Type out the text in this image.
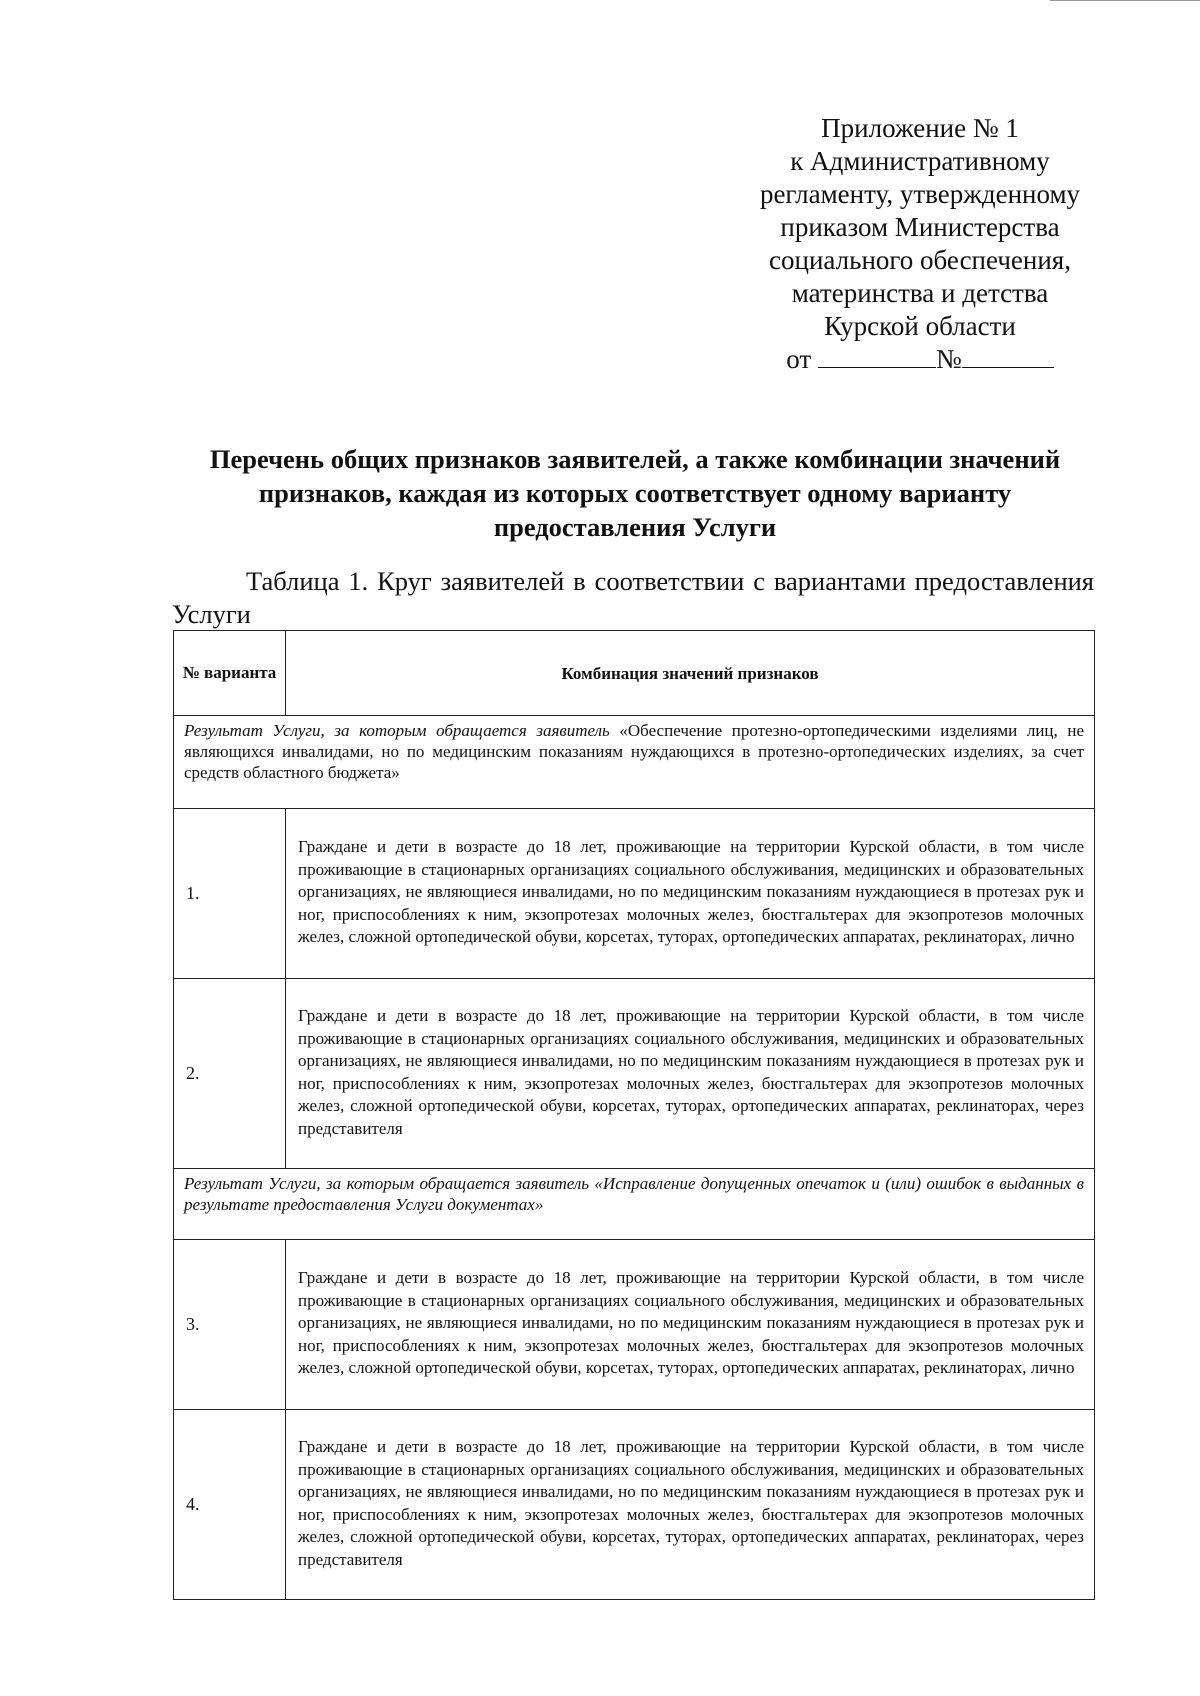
Приложение № 1
к Административному
регламенту, утвержденному
приказом Министерства
социального обеспечения,
материнства и детства
Курской области
от	№
Перечень общих признаков заявителей, а также комбинации значений признаков, каждая из которых соответствует одному варианту предоставления Услуги
Таблица 1. Круг заявителей в соответствии с вариантами предоставления Услуги
№ варианта	Комбинация значений признаков
Результат Услуги, за которым обращается заявитель «Обеспечение протезно-ортопедическими изделиями лиц, не являющихся инвалидами, но по медицинским показаниям нуждающихся в протезно-ортопедических изделиях, за счет средств областного бюджета»	
1.	Граждане и дети в возрасте до 18 лет, проживающие на территории Курской области, в том числе проживающие в стационарных организациях социального обслуживания, медицинских и образовательных организациях, не являющиеся инвалидами, но по медицинским показаниям нуждающиеся в протезах рук и ног, приспособлениях к ним, экзопротезах молочных желез, бюстгальтерах для экзопротезов молочных желез, сложной ортопедической обуви, корсетах, туторах, ортопедических аппаратах, реклинаторах, лично
2.	Граждане и дети в возрасте до 18 лет, проживающие на территории Курской области, в том числе проживающие в стационарных организациях социального обслуживания, медицинских и образовательных организациях, не являющиеся инвалидами, но по медицинским показаниям нуждающиеся в протезах рук и ног, приспособлениях к ним, экзопротезах молочных желез, бюстгальтерах для экзопротезов молочных желез, сложной ортопедической обуви, корсетах, туторах, ортопедических аппаратах, реклинаторах, через представителя
Результат Услуги, за которым обращается заявитель «Исправление допущенных опечаток и (или) ошибок в выданных в результате предоставления Услуги документах»	
3.	Граждане и дети в возрасте до 18 лет, проживающие на территории Курской области, в том числе проживающие в стационарных организациях социального обслуживания, медицинских и образовательных организациях, не являющиеся инвалидами, но по медицинским показаниям нуждающиеся в протезах рук и ног, приспособлениях к ним, экзопротезах молочных желез, бюстгальтерах для экзопротезов молочных желез, сложной ортопедической обуви, корсетах, туторах, ортопедических аппаратах, реклинаторах, лично
4.	Граждане и дети в возрасте до 18 лет, проживающие на территории Курской области, в том числе проживающие в стационарных организациях социального обслуживания, медицинских и образовательных организациях, не являющиеся инвалидами, но по медицинским показаниям нуждающиеся в протезах рук и ног, приспособлениях к ним, экзопротезах молочных желез, бюстгальтерах для экзопротезов молочных желез, сложной ортопедической обуви, корсетах, туторах, ортопедических аппаратах, реклинаторах, через представителя
